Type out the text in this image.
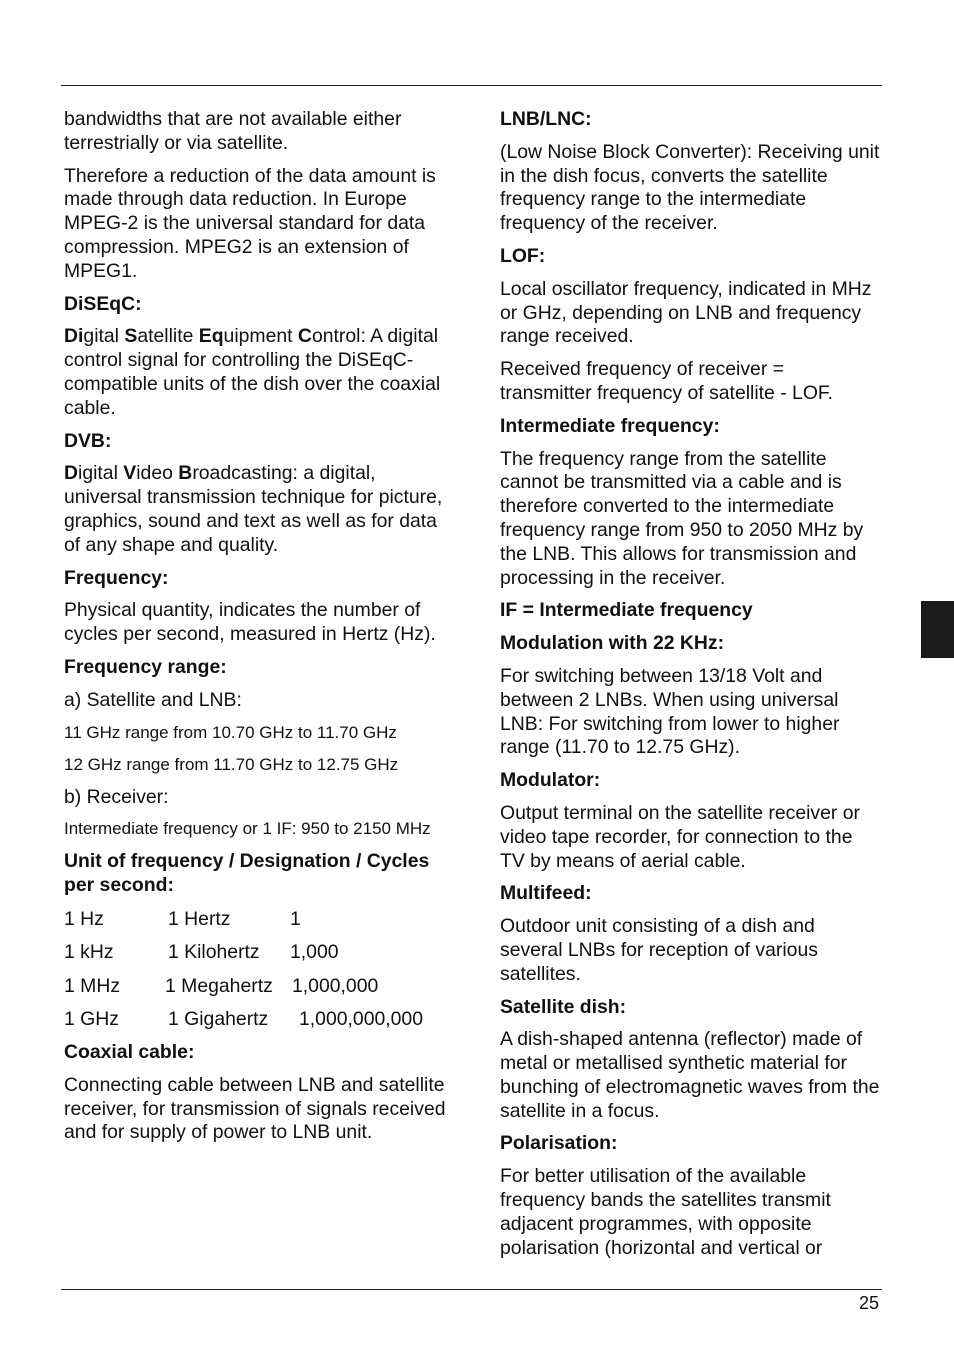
bandwidths that are not available either terrestrially or via satellite.

Therefore a reduction of the data amount is made through data reduction. In Europe MPEG-2 is the universal standard for data compression. MPEG2 is an extension of MPEG1.

DiSEqC:

Digital Satellite Equipment Control: A digital control signal for controlling the DiSEqC-compatible units of the dish over the coaxial cable.

DVB:

Digital Video Broadcasting: a digital, universal transmission technique for picture, graphics, sound and text as well as for data of any shape and quality.

Frequency:

Physical quantity, indicates the number of cycles per second, measured in Hertz (Hz).

Frequency range:

a) Satellite and LNB:

11 GHz range from 10.70 GHz to 11.70 GHz

12 GHz range from 11.70 GHz to 12.75 GHz

b) Receiver:

Intermediate frequency or 1 IF: 950 to 2150 MHz

Unit of frequency / Designation / Cycles per second:

1 Hz	1 Hertz	1
1 kHz	1 Kilohertz 1,000
1 MHz 1 Megahertz 1,000,000
1 GHz	1 Gigahertz 1,000,000,000

Coaxial cable:

Connecting cable between LNB and satellite receiver, for transmission of signals received and for supply of power to LNB unit.

LNB/LNC:

(Low Noise Block Converter): Receiving unit in the dish focus, converts the satellite frequency range to the intermediate frequency of the receiver.

LOF:

Local oscillator frequency, indicated in MHz or GHz, depending on LNB and frequency range received.

Received frequency of receiver = transmitter frequency of satellite - LOF.

Intermediate frequency:

The frequency range from the satellite cannot be transmitted via a cable and is therefore converted to the intermediate frequency range from 950 to 2050 MHz by the LNB. This allows for transmission and processing in the receiver.

IF = Intermediate frequency

Modulation with 22 KHz:

For switching between 13/18 Volt and between 2 LNBs. When using universal LNB: For switching from lower to higher range (11.70 to 12.75 GHz).

Modulator:

Output terminal on the satellite receiver or video tape recorder, for connection to the TV by means of aerial cable.

Multifeed:

Outdoor unit consisting of a dish and several LNBs for reception of various satellites.

Satellite dish:

A dish-shaped antenna (reflector) made of metal or metallised synthetic material for bunching of electromagnetic waves from the satellite in a focus.

Polarisation:

For better utilisation of the available frequency bands the satellites transmit adjacent programmes, with opposite polarisation (horizontal and vertical or

25
